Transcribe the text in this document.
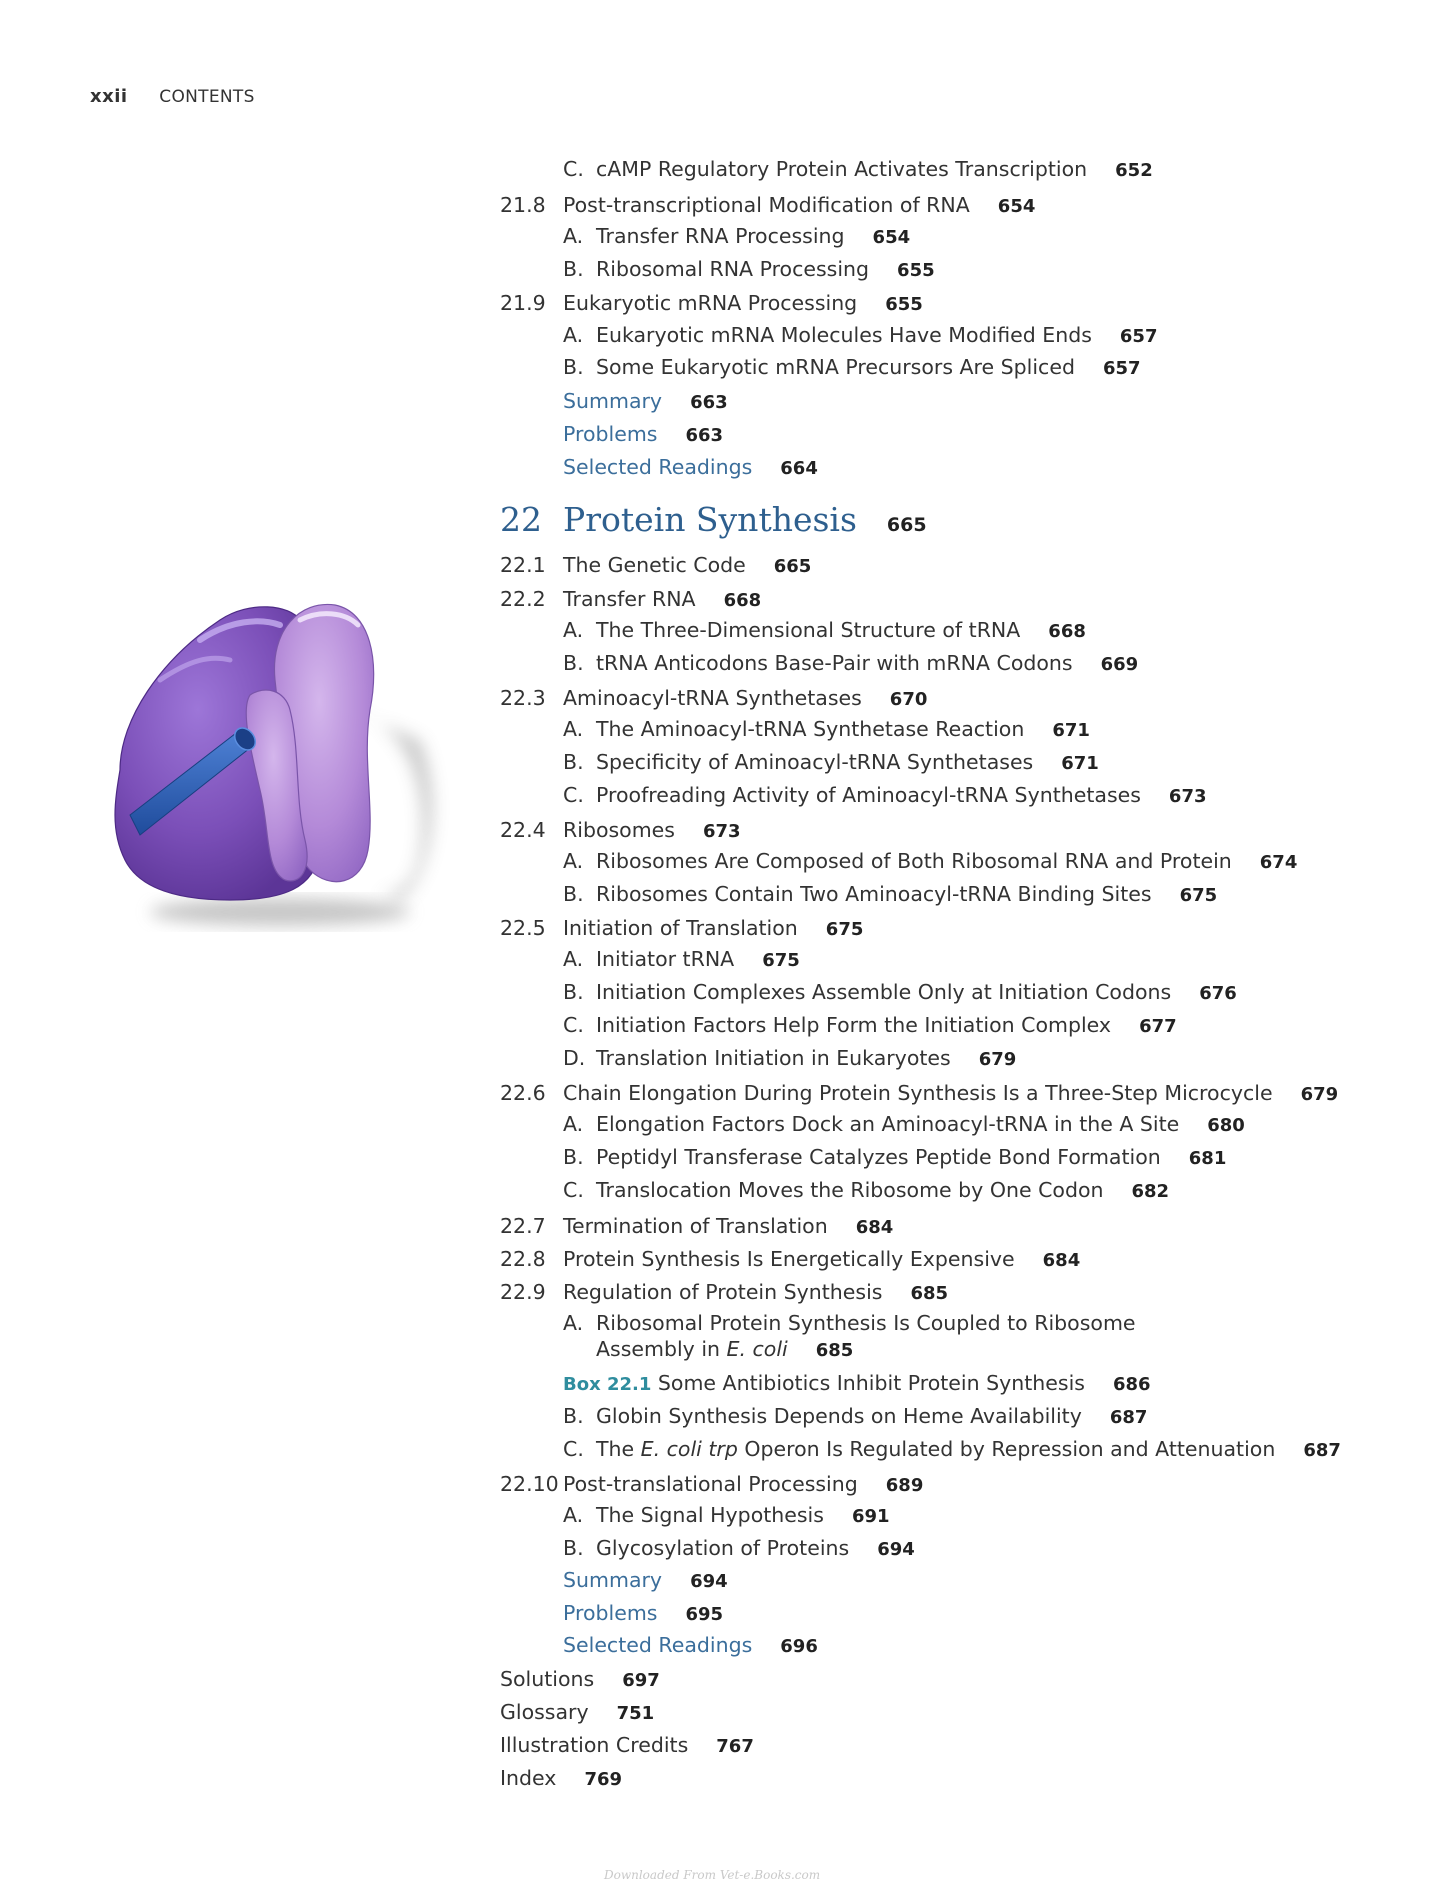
xxii CONTENTS
C. cAMP Regulatory Protein Activates Transcription 652
21.8 Post-transcriptional Modification of RNA 654
A. Transfer RNA Processing 654
B. Ribosomal RNA Processing 655
21.9 Eukaryotic mRNA Processing 655
A. Eukaryotic mRNA Molecules Have Modified Ends 657
B. Some Eukaryotic mRNA Precursors Are Spliced 657
Summary 663
Problems 663
Selected Readings 664
22 Protein Synthesis 665
22.1 The Genetic Code 665
22.2 Transfer RNA 668
A. The Three-Dimensional Structure of tRNA 668
B. tRNA Anticodons Base-Pair with mRNA Codons 669
22.3 Aminoacyl-tRNA Synthetases 670
A. The Aminoacyl-tRNA Synthetase Reaction 671
B. Specificity of Aminoacyl-tRNA Synthetases 671
C. Proofreading Activity of Aminoacyl-tRNA Synthetases 673
22.4 Ribosomes 673
A. Ribosomes Are Composed of Both Ribosomal RNA and Protein 674
B. Ribosomes Contain Two Aminoacyl-tRNA Binding Sites 675
22.5 Initiation of Translation 675
A. Initiator tRNA 675
B. Initiation Complexes Assemble Only at Initiation Codons 676
C. Initiation Factors Help Form the Initiation Complex 677
D. Translation Initiation in Eukaryotes 679
22.6 Chain Elongation During Protein Synthesis Is a Three-Step Microcycle 679
A. Elongation Factors Dock an Aminoacyl-tRNA in the A Site 680
B. Peptidyl Transferase Catalyzes Peptide Bond Formation 681
C. Translocation Moves the Ribosome by One Codon 682
22.7 Termination of Translation 684
22.8 Protein Synthesis Is Energetically Expensive 684
22.9 Regulation of Protein Synthesis 685
A. Ribosomal Protein Synthesis Is Coupled to Ribosome
Assembly in E. coli 685
Box 22.1 Some Antibiotics Inhibit Protein Synthesis 686
B. Globin Synthesis Depends on Heme Availability 687
C. The E. coli trp Operon Is Regulated by Repression and Attenuation 687
22.10 Post-translational Processing 689
A. The Signal Hypothesis 691
B. Glycosylation of Proteins 694
Summary 694
Problems 695
Selected Readings 696
Solutions 697
Glossary 751
Illustration Credits 767
Index 769
Downloaded From Vet-e.Books.com
